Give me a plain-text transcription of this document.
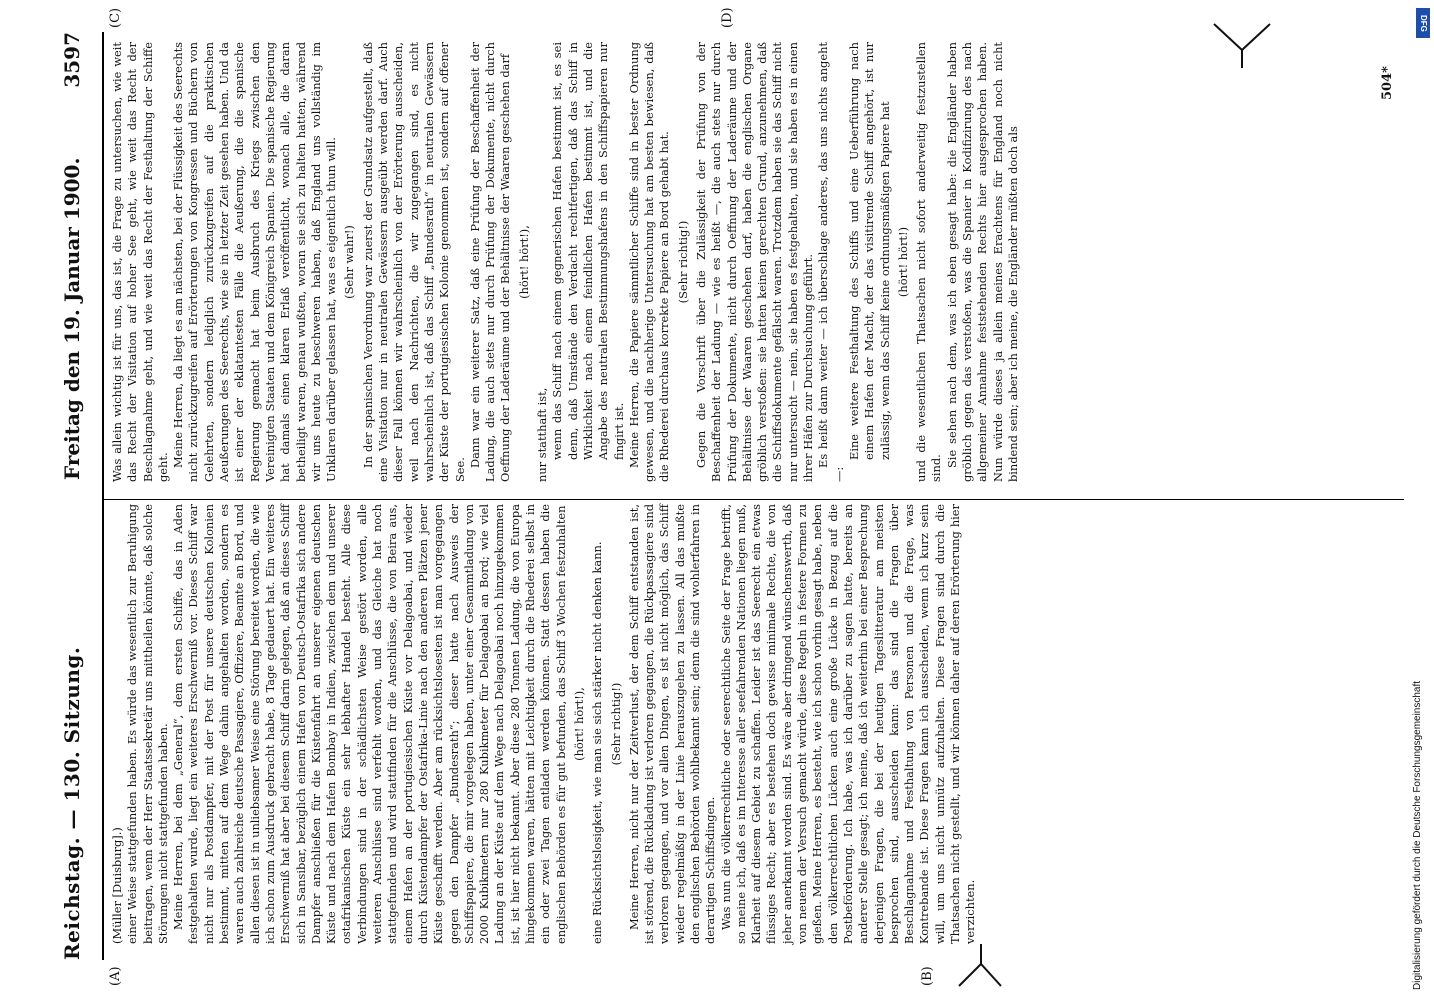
Reichstag. — 130. Sitzung.
Freitag den 19. Januar 1900.
3597
(A)	(B)
(C)	(D)

(Müller [Duisburg].) einer Weise stattgefunden haben. Es würde das wesentlich zur Beruhigung beitragen, wenn der Herr Staatssekretär uns mittheilen könnte, daß solche Störungen nicht stattgefunden haben. Meine Herren, bei dem „General“, dem ersten Schiffe, das in Aden festgehalten wurde, liegt ein weiteres Erschwerniß vor. Dieses Schiff war nicht nur als Postdampfer, mit der Post für unsere deutschen Kolonien bestimmt, mitten auf dem Wege dahin angehalten worden, sondern es waren auch zahlreiche deutsche Passagiere, Offiziere, Beamte an Bord, und allen diesen ist in unliebsamer Weise eine Störung bereitet worden, die wie ich schon zum Ausdruck gebracht habe, 8 Tage gedauert hat. Ein weiteres Erschwerniß hat aber bei diesem Schiff darin gelegen, daß an dieses Schiff sich in Sansibar, bezüglich einem Hafen von Deutsch-Ostafrika sich andere Dampfer anschließen für die Küstenfahrt an unserer eigenen deutschen Küste und nach dem Hafen Bombay in Indien, zwischen dem und unserer ostafrikanischen Küste ein sehr lebhafter Handel besteht. Alle diese Verbindungen sind in der schädlichsten Weise gestört worden, alle weiteren Anschlüsse sind verfehlt worden, und das Gleiche hat noch stattgefunden und wird stattfinden für die Anschlüsse, die von Beira aus, einem Hafen an der portugiesischen Küste vor Delagoabai, und wieder durch Küstendampfer der Ostafrika-Linie nach den anderen Plätzen jener Küste geschafft werden. Aber am rücksichtslosesten ist man vorgegangen gegen den Dampfer „Bundesrath“; dieser hatte nach Ausweis der Schiffspapiere, die mir vorgelegen haben, unter einer Gesammtladung von 2000 Kubikmetern nur 280 Kubikmeter für Delagoabai an Bord; wie viel Ladung an der Küste auf dem Wege nach Delagoabai noch hinzugekommen ist, ist hier nicht bekannt. Aber diese 280 Tonnen Ladung, die von Europa hingekommen waren, hätten mit Leichtigkeit durch die Rhederei selbst in ein oder zwei Tagen entladen werden können. Statt dessen haben die englischen Behörden es für gut befunden, das Schiff 3 Wochen festzuhalten (hört! hört!), eine Rücksichtslosigkeit, wie man sie sich stärker nicht denken kann. (Sehr richtig!) Meine Herren, nicht nur der Zeitverlust, der dem Schiff entstanden ist, ist störend, die Rückladung ist verloren gegangen, die Rückpassagiere sind verloren gegangen, und vor allen Dingen, es ist nicht möglich, das Schiff wieder regelmäßig in der Linie herauszugehen zu lassen. All das mußte den englischen Behörden wohlbekannt sein; denn die sind wohlerfahren in derartigen Schiffsdingen. Was nun die völkerrechtliche oder seerechtliche Seite der Frage betrifft, so meine ich, daß es im Interesse aller seefahrenden Nationen liegen muß, Klarheit auf diesem Gebiet zu schaffen. Leider ist das Seerecht ein etwas flüssiges Recht; aber es bestehen doch gewisse minimale Rechte, die von jeher anerkannt worden sind. Es wäre aber dringend wünschenswerth, daß von neuem der Versuch gemacht würde, diese Regeln in festere Formen zu gießen. Meine Herren, es besteht, wie ich schon vorhin gesagt habe, neben den völkerrechtlichen Lücken auch eine große Lücke in Bezug auf die Postbeförderung. Ich habe, was ich darüber zu sagen hatte, bereits an anderer Stelle gesagt; ich meine, daß ich weiterhin bei einer Besprechung derjenigen Fragen, die bei der heutigen Tageslitteratur am meisten besprochen sind, ausscheiden kann: das sind die Fragen über Beschlagnahme und Festhaltung von Personen und die Frage, was Kontrebande ist. Diese Fragen kann ich ausscheiden, wenn ich kurz sein will, um uns nicht unnütz aufzuhalten. Diese Fragen sind durch die Thatsachen nicht gestellt, und wir können daher auf deren Erörterung hier verzichten.

Was allein wichtig ist für uns, das ist, die Frage zu untersuchen, wie weit das Recht der Visitation auf hoher See geht, wie weit das Recht der Beschlagnahme geht, und wie weit das Recht der Festhaltung der Schiffe geht. Meine Herren, da liegt es am nächsten, bei der Flüssigkeit des Seerechts nicht zurückzugreifen auf Erörterungen von Kongressen und Büchern von Gelehrten, sondern lediglich zurückzugreifen auf die praktischen Aeußerungen des Seerechts, wie sie in letzter Zeit gesehen haben. Und da ist einer der eklatantesten Fälle die Aeußerung, die die spanische Regierung gemacht hat beim Ausbruch des Kriegs zwischen den Vereinigten Staaten und dem Königreich Spanien. Die spanische Regierung hat damals einen klaren Erlaß veröffentlicht, wonach alle, die daran betheiligt waren, genau wußten, woran sie sich zu halten hatten, während wir uns heute zu beschweren haben, daß England uns vollständig im Unklaren darüber gelassen hat, was es eigentlich thun will. (Sehr wahr!) In der spanischen Verordnung war zuerst der Grundsatz aufgestellt, daß eine Visitation nur in neutralen Gewässern ausgeübt werden darf. Auch dieser Fall können wir wahrscheinlich von der Erörterung ausscheiden, weil nach den Nachrichten, die wir zugegangen sind, es nicht wahrscheinlich ist, daß das Schiff „Bundesrath“ in neutralen Gewässern der Küste der portugiesischen Kolonie genommen ist, sondern auf offener See.

Dann war ein weiterer Satz, daß eine Prüfung der Beschaffenheit der Ladung, die auch stets nur durch Prüfung der Dokumente, nicht durch Oeffnung der Laderäume und der Behältnisse der Waaren geschehen darf (hört! hört!),

nur statthaft ist, wenn das Schiff nach einem gegnerischen Hafen bestimmt ist, es sei denn, daß Umstände den Verdacht rechtfertigen, daß das Schiff in Wirklichkeit nach einem feindlichen Hafen bestimmt ist, und die Angabe des neutralen Bestimmungshafens in den Schiffspapieren nur fingirt ist. Meine Herren, die Papiere sämmtlicher Schiffe sind in bester Ordnung gewesen, und die nachherige Untersuchung hat am besten bewiesen, daß die Rhederei durchaus korrekte Papiere an Bord gehabt hat. (Sehr richtig!) Gegen die Vorschrift über die Zulässigkeit der Prüfung von der Beschaffenheit der Ladung — wie es heißt —, die auch stets nur durch Prüfung der Dokumente, nicht durch Oeffnung der Laderäume und der Behältnisse der Waaren geschehen darf, haben die englischen Organe gröblich verstoßen: sie hatten keinen gerechten Grund, anzunehmen, daß die Schiffsdokumente gefälscht waren. Trotzdem haben sie das Schiff nicht nur untersucht — nein, sie haben es festgehalten, und sie haben es in einen ihrer Häfen zur Durchsuchung geführt. Es heißt dann weiter — ich überschlage anderes, das uns nichts angeht —:

Eine weitere Festhaltung des Schiffs und eine Ueberführung nach einem Hafen der Macht, der das visitirende Schiff angehört, ist nur zulässig, wenn das Schiff keine ordnungsmäßigen Papiere hat (hört! hört!) und die wesentlichen Thatsachen nicht sofort anderweitig festzustellen sind.

Sie sehen nach dem, was ich eben gesagt habe: die Engländer haben gröblich gegen das verstoßen, was die Spanier in Kodifizirung des nach allgemeiner Annahme feststehenden Rechts hier ausgesprochen haben. Nun würde dieses ja allein meines Erachtens für England noch nicht bindend sein; aber ich meine, die Engländer müßten doch als

504*
DFG
Digitalisierung gefördert durch die Deutsche Forschungsgemeinschaft
